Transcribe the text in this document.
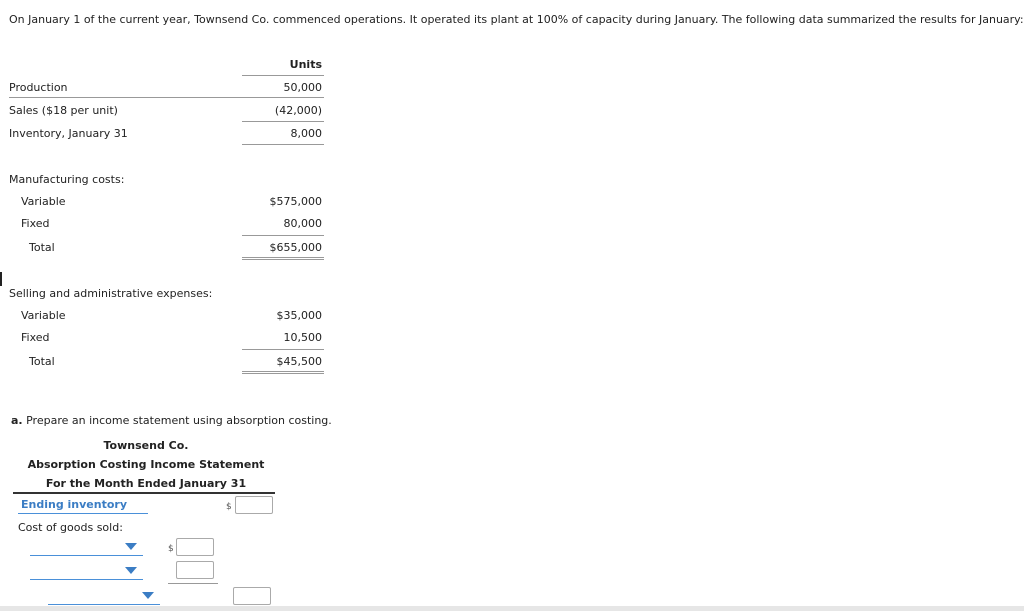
On January 1 of the current year, Townsend Co. commenced operations. It operated its plant at 100% of capacity during January. The following data summarized the results for January:
Units
Production	50,000
Sales ($18 per unit)	(42,000)
Inventory, January 31	8,000
Manufacturing costs:
Variable	$575,000
Fixed	80,000
Total	$655,000
Selling and administrative expenses:
Variable	$35,000
Fixed	10,500
Total	$45,500
a. Prepare an income statement using absorption costing.
Townsend Co.
Absorption Costing Income Statement
For the Month Ended January 31
Ending inventory	$
Cost of goods sold:
$
